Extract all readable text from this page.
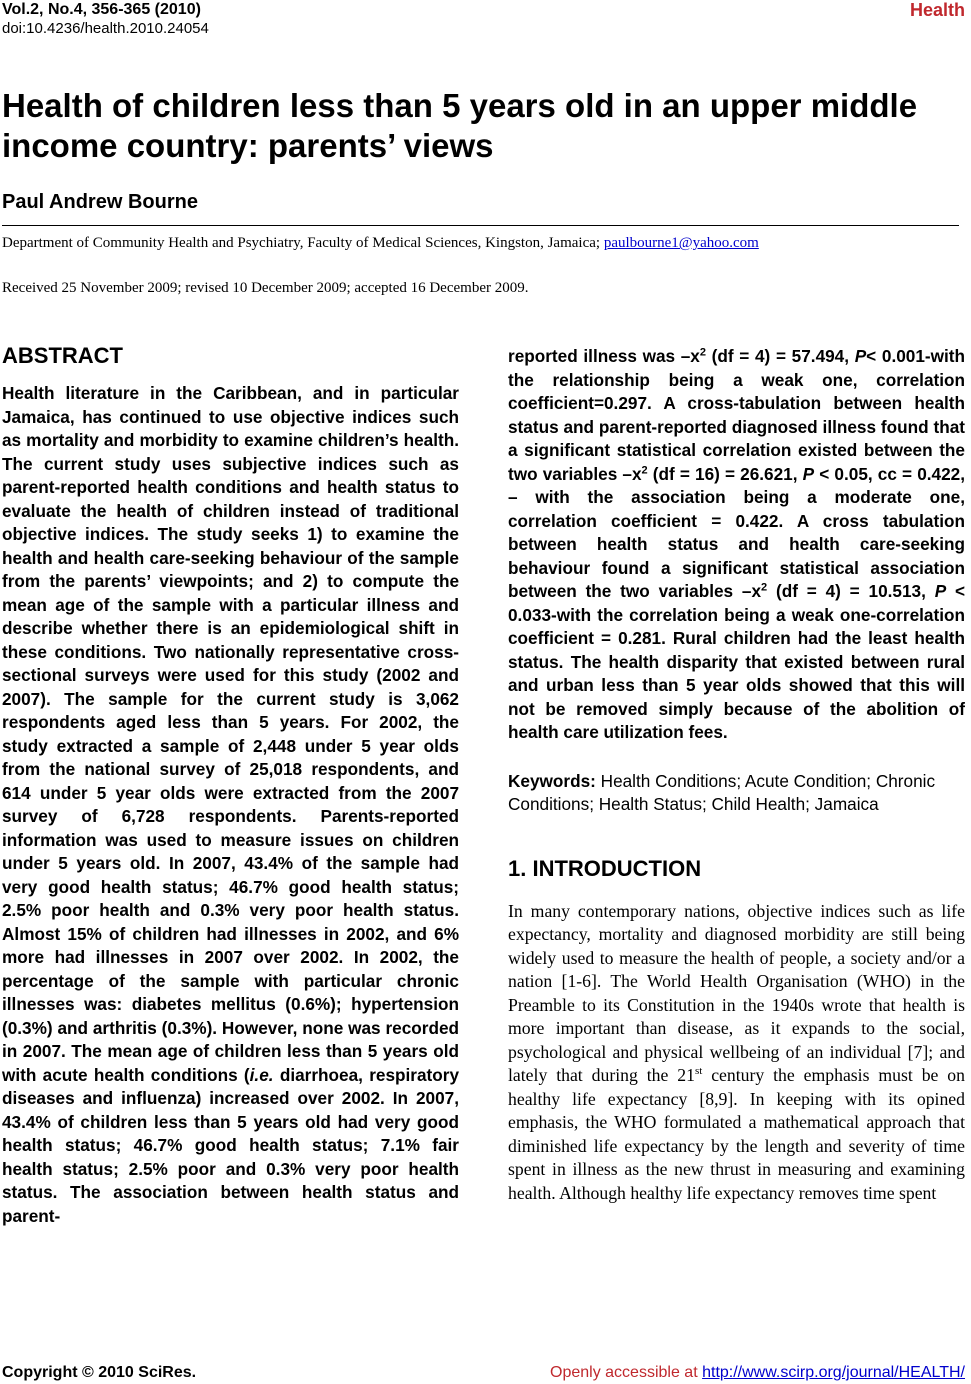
Vol.2, No.4, 356-365 (2010)
doi:10.4236/health.2010.24054
Health
Health of children less than 5 years old in an upper middle income country: parents’ views
Paul Andrew Bourne
Department of Community Health and Psychiatry, Faculty of Medical Sciences, Kingston, Jamaica; paulbourne1@yahoo.com
Received 25 November 2009; revised 10 December 2009; accepted 16 December 2009.
ABSTRACT

Health literature in the Caribbean, and in particular Jamaica, has continued to use objective indices such as mortality and morbidity to examine children’s health. The current study uses subjective indices such as parent-reported health conditions and health status to evaluate the health of children instead of traditional objective indices. The study seeks 1) to examine the health and health care-seeking behaviour of the sample from the parents’ viewpoints; and 2) to compute the mean age of the sample with a particular illness and describe whether there is an epidemiological shift in these conditions. Two nationally representative cross-sectional surveys were used for this study (2002 and 2007). The sample for the current study is 3,062 respondents aged less than 5 years. For 2002, the study extracted a sample of 2,448 under 5 year olds from the national survey of 25,018 respondents, and 614 under 5 year olds were extracted from the 2007 survey of 6,728 respondents. Parents-reported information was used to measure issues on children under 5 years old. In 2007, 43.4% of the sample had very good health status; 46.7% good health status; 2.5% poor health and 0.3% very poor health status. Almost 15% of children had illnesses in 2002, and 6% more had illnesses in 2007 over 2002. In 2002, the percentage of the sample with particular chronic illnesses was: diabetes mellitus (0.6%); hypertension (0.3%) and arthritis (0.3%). However, none was recorded in 2007. The mean age of children less than 5 years old with acute health conditions (i.e. diarrhoea, respiratory diseases and influenza) increased over 2002. In 2007, 43.4% of children less than 5 years old had very good health status; 46.7% good health status; 7.1% fair health status; 2.5% poor and 0.3% very poor health status. The association between health status and parent-

reported illness was $-x^2$ (df = 4) = 57.494, P< 0.001-with the relationship being a weak one, correlation coefficient=0.297. A cross-tabulation between health status and parent-reported diagnosed illness found that a significant statistical correlation existed between the two variables $-x^2$ (df = 16) = 26.621, P < 0.05, cc = 0.422, – with the association being a moderate one, correlation coefficient = 0.422. A cross tabulation between health status and health care-seeking behaviour found a significant statistical association between the two variables $-x^2$ (df = 4) = 10.513, P < 0.033-with the correlation being a weak one-correlation coefficient = 0.281. Rural children had the least health status. The health disparity that existed between rural and urban less than 5 year olds showed that this will not be removed simply because of the abolition of health care utilization fees.

Keywords: Health Conditions; Acute Condition; Chronic Conditions; Health Status; Child Health; Jamaica

1. INTRODUCTION

In many contemporary nations, objective indices such as life expectancy, mortality and diagnosed morbidity are still being widely used to measure the health of people, a society and/or a nation [1-6]. The World Health Organisation (WHO) in the Preamble to its Constitution in the 1940s wrote that health is more important than disease, as it expands to the social, psychological and physical wellbeing of an individual [7]; and lately that during the 21st century the emphasis must be on healthy life expectancy [8,9]. In keeping with its opined emphasis, the WHO formulated a mathematical approach that diminished life expectancy by the length and severity of time spent in illness as the new thrust in measuring and examining health. Although healthy life expectancy removes time spent

Copyright © 2010 SciRes.	Openly accessible at http://www.scirp.org/journal/HEALTH/
